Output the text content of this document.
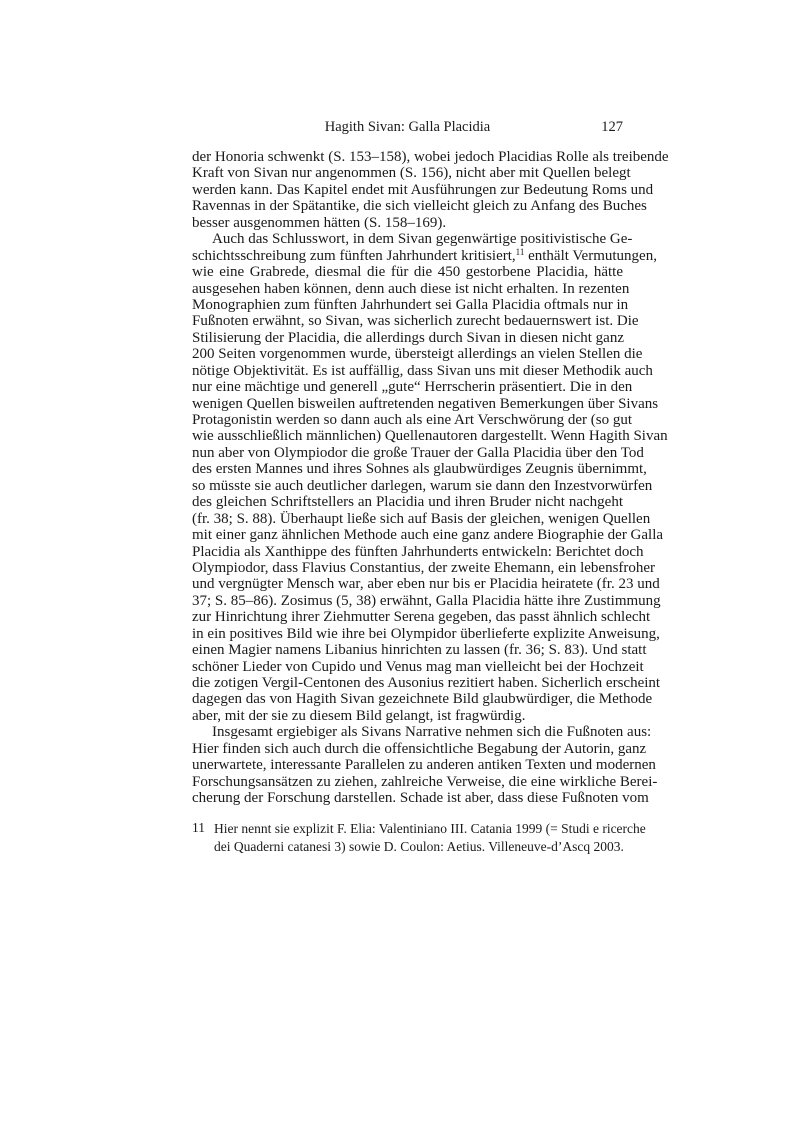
Hagith Sivan: Galla Placidia	127
der Honoria schwenkt (S. 153–158), wobei jedoch Placidias Rolle als treibende
Kraft von Sivan nur angenommen (S. 156), nicht aber mit Quellen belegt
werden kann. Das Kapitel endet mit Ausführungen zur Bedeutung Roms und
Ravennas in der Spätantike, die sich vielleicht gleich zu Anfang des Buches
besser ausgenommen hätten (S. 158–169).
Auch das Schlusswort, in dem Sivan gegenwärtige positivistische Ge-
schichtsschreibung zum fünften Jahrhundert kritisiert,$^{11}$ enthält Vermutungen,
wie eine Grabrede, diesmal die für die 450 gestorbene Placidia, hätte
ausgesehen haben können, denn auch diese ist nicht erhalten. In rezenten
Monographien zum fünften Jahrhundert sei Galla Placidia oftmals nur in
Fußnoten erwähnt, so Sivan, was sicherlich zurecht bedauernswert ist. Die
Stilisierung der Placidia, die allerdings durch Sivan in diesen nicht ganz
200 Seiten vorgenommen wurde, übersteigt allerdings an vielen Stellen die
nötige Objektivität. Es ist auffällig, dass Sivan uns mit dieser Methodik auch
nur eine mächtige und generell „gute“ Herrscherin präsentiert. Die in den
wenigen Quellen bisweilen auftretenden negativen Bemerkungen über Sivans
Protagonistin werden so dann auch als eine Art Verschwörung der (so gut
wie ausschließlich männlichen) Quellenautoren dargestellt. Wenn Hagith Sivan
nun aber von Olympiodor die große Trauer der Galla Placidia über den Tod
des ersten Mannes und ihres Sohnes als glaubwürdiges Zeugnis übernimmt,
so müsste sie auch deutlicher darlegen, warum sie dann den Inzestvorwürfen
des gleichen Schriftstellers an Placidia und ihren Bruder nicht nachgeht
(fr. 38; S. 88). Überhaupt ließe sich auf Basis der gleichen, wenigen Quellen
mit einer ganz ähnlichen Methode auch eine ganz andere Biographie der Galla
Placidia als Xanthippe des fünften Jahrhunderts entwickeln: Berichtet doch
Olympiodor, dass Flavius Constantius, der zweite Ehemann, ein lebensfroher
und vergnügter Mensch war, aber eben nur bis er Placidia heiratete (fr. 23 und
37; S. 85–86). Zosimus (5, 38) erwähnt, Galla Placidia hätte ihre Zustimmung
zur Hinrichtung ihrer Ziehmutter Serena gegeben, das passt ähnlich schlecht
in ein positives Bild wie ihre bei Olympidor überlieferte explizite Anweisung,
einen Magier namens Libanius hinrichten zu lassen (fr. 36; S. 83). Und statt
schöner Lieder von Cupido und Venus mag man vielleicht bei der Hochzeit
die zotigen Vergil-Centonen des Ausonius rezitiert haben. Sicherlich erscheint
dagegen das von Hagith Sivan gezeichnete Bild glaubwürdiger, die Methode
aber, mit der sie zu diesem Bild gelangt, ist fragwürdig.
Insgesamt ergiebiger als Sivans Narrative nehmen sich die Fußnoten aus:
Hier finden sich auch durch die offensichtliche Begabung der Autorin, ganz
unerwartete, interessante Parallelen zu anderen antiken Texten und modernen
Forschungsansätzen zu ziehen, zahlreiche Verweise, die eine wirkliche Berei-
cherung der Forschung darstellen. Schade ist aber, dass diese Fußnoten vom
11 Hier nennt sie explizit F. Elia: Valentiniano III. Catania 1999 (= Studi e ricerche
dei Quaderni catanesi 3) sowie D. Coulon: Aetius. Villeneuve-d’Ascq 2003.
